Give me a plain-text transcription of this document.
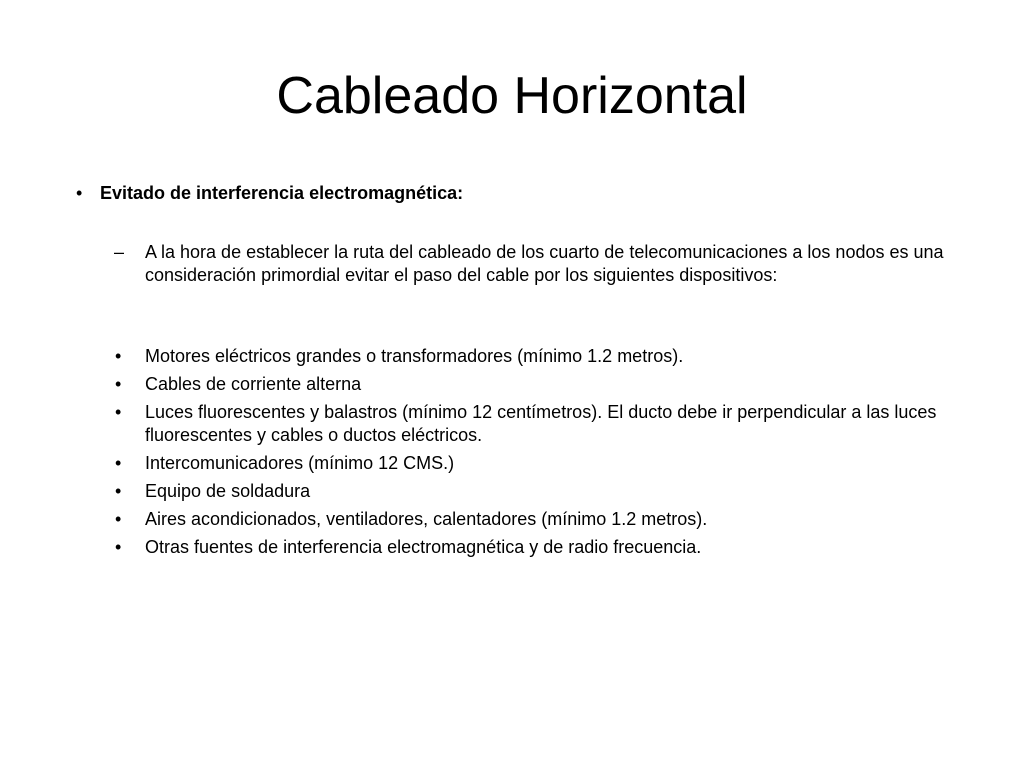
Cableado Horizontal
• Evitado de interferencia electromagnética:
– A la hora de establecer la ruta del cableado de los cuarto de telecomunicaciones a los nodos es una consideración primordial evitar el paso del cable por los siguientes dispositivos:
• Motores eléctricos grandes o transformadores (mínimo 1.2 metros).
• Cables de corriente alterna
• Luces fluorescentes y balastros (mínimo 12 centímetros). El ducto debe ir perpendicular a las luces fluorescentes y cables o ductos eléctricos.
• Intercomunicadores (mínimo 12 CMS.)
• Equipo de soldadura
• Aires acondicionados, ventiladores, calentadores (mínimo 1.2 metros).
• Otras fuentes de interferencia electromagnética y de radio frecuencia.
